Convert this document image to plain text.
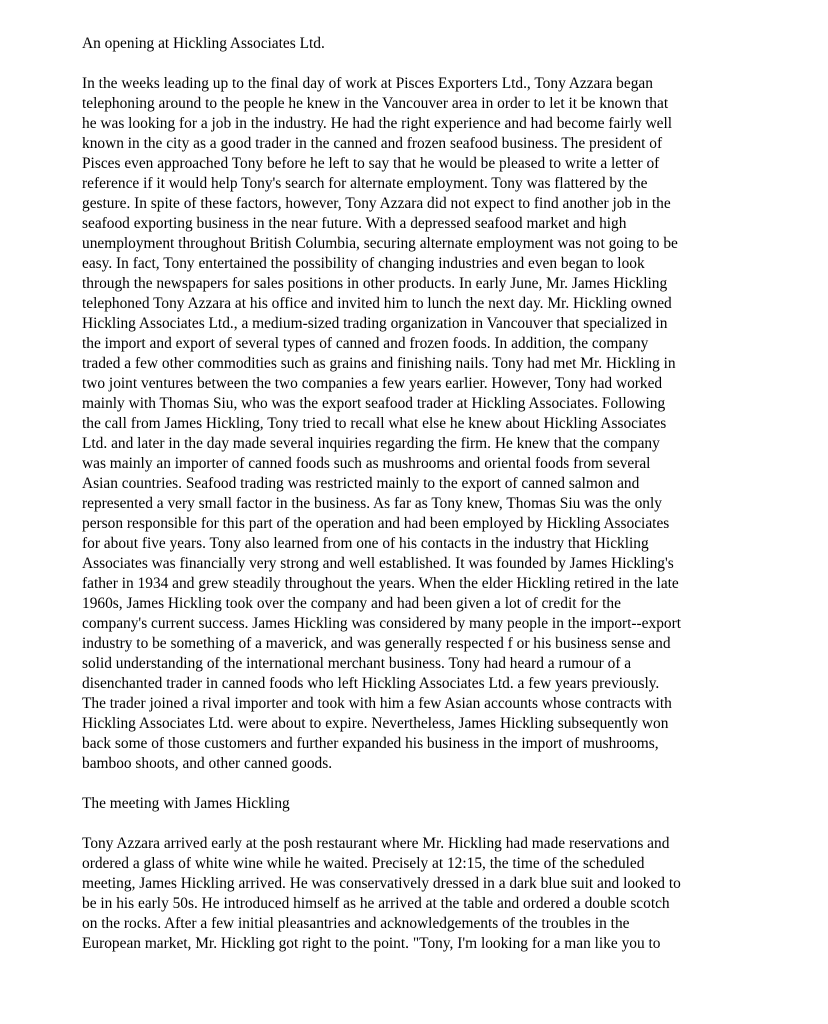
An opening at Hickling Associates Ltd.

In the weeks leading up to the final day of work at Pisces Exporters Ltd., Tony Azzara began
telephoning around to the people he knew in the Vancouver area in order to let it be known that
he was looking for a job in the industry. He had the right experience and had become fairly well
known in the city as a good trader in the canned and frozen seafood business. The president of
Pisces even approached Tony before he left to say that he would be pleased to write a letter of
reference if it would help Tony's search for alternate employment. Tony was flattered by the
gesture. In spite of these factors, however, Tony Azzara did not expect to find another job in the
seafood exporting business in the near future. With a depressed seafood market and high
unemployment throughout British Columbia, securing alternate employment was not going to be
easy. In fact, Tony entertained the possibility of changing industries and even began to look
through the newspapers for sales positions in other products. In early June, Mr. James Hickling
telephoned Tony Azzara at his office and invited him to lunch the next day. Mr. Hickling owned
Hickling Associates Ltd., a medium-sized trading organization in Vancouver that specialized in
the import and export of several types of canned and frozen foods. In addition, the company
traded a few other commodities such as grains and finishing nails. Tony had met Mr. Hickling in
two joint ventures between the two companies a few years earlier. However, Tony had worked
mainly with Thomas Siu, who was the export seafood trader at Hickling Associates. Following
the call from James Hickling, Tony tried to recall what else he knew about Hickling Associates
Ltd. and later in the day made several inquiries regarding the firm. He knew that the company
was mainly an importer of canned foods such as mushrooms and oriental foods from several
Asian countries. Seafood trading was restricted mainly to the export of canned salmon and
represented a very small factor in the business. As far as Tony knew, Thomas Siu was the only
person responsible for this part of the operation and had been employed by Hickling Associates
for about five years. Tony also learned from one of his contacts in the industry that Hickling
Associates was financially very strong and well established. It was founded by James Hickling's
father in 1934 and grew steadily throughout the years. When the elder Hickling retired in the late
1960s, James Hickling took over the company and had been given a lot of credit for the
company's current success. James Hickling was considered by many people in the import--export
industry to be something of a maverick, and was generally respected f or his business sense and
solid understanding of the international merchant business. Tony had heard a rumour of a
disenchanted trader in canned foods who left Hickling Associates Ltd. a few years previously.
The trader joined a rival importer and took with him a few Asian accounts whose contracts with
Hickling Associates Ltd. were about to expire. Nevertheless, James Hickling subsequently won
back some of those customers and further expanded his business in the import of mushrooms,
bamboo shoots, and other canned goods.

The meeting with James Hickling

Tony Azzara arrived early at the posh restaurant where Mr. Hickling had made reservations and
ordered a glass of white wine while he waited. Precisely at 12:15, the time of the scheduled
meeting, James Hickling arrived. He was conservatively dressed in a dark blue suit and looked to
be in his early 50s. He introduced himself as he arrived at the table and ordered a double scotch
on the rocks. After a few initial pleasantries and acknowledgements of the troubles in the
European market, Mr. Hickling got right to the point. "Tony, I'm looking for a man like you to
